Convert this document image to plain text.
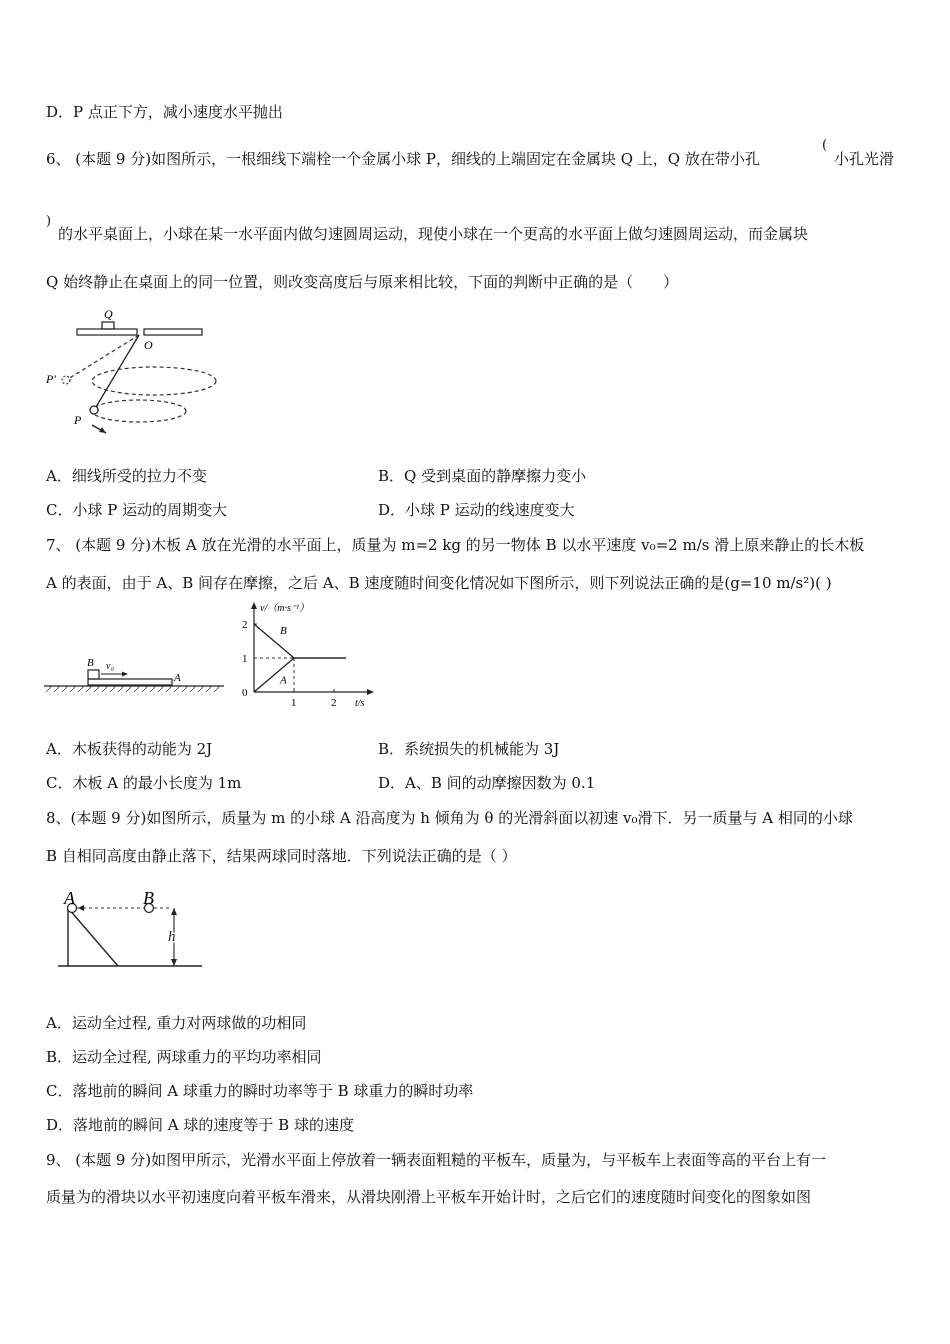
D．P 点正下方，减小速度水平抛出
6、 (本题 9 分)如图所示，一根细线下端栓一个金属小球 P，细线的上端固定在金属块 Q 上，Q 放在带小孔
(
小孔光滑
)
的水平桌面上，小球在某一水平面内做匀速圆周运动，现使小球在一个更高的水平面上做匀速圆周运动，而金属块
Q 始终静止在桌面上的同一位置，则改变高度后与原来相比较，下面的判断中正确的是（　　）
Q
O
P′
P
A．细线所受的拉力不变	B．Q 受到桌面的静摩擦力变小
C．小球 P 运动的周期变大	D．小球 P 运动的线速度变大
7、 (本题 9 分)木板 A 放在光滑的水平面上，质量为 m=2 kg 的另一物体 B 以水平速度 v₀=2 m/s 滑上原来静止的长木板
A 的表面，由于 A、B 间存在摩擦，之后 A、B 速度随时间变化情况如下图所示，则下列说法正确的是(g=10 m/s²)( )
B v₀
A
v/（m·s⁻¹）
t/s
0
1	2
2
1
B
A
A．木板获得的动能为 2J	B．系统损失的机械能为 3J
C．木板 A 的最小长度为 1m	D．A、B 间的动摩擦因数为 0.1
8、(本题 9 分)如图所示，质量为 m 的小球 A 沿高度为 h 倾角为 θ 的光滑斜面以初速 v₀滑下．另一质量与 A 相同的小球
B 自相同高度由静止落下，结果两球同时落地．下列说法正确的是（ ）
A	B
h
A．运动全过程, 重力对两球做的功相同
B．运动全过程, 两球重力的平均功率相同
C．落地前的瞬间 A 球重力的瞬时功率等于 B 球重力的瞬时功率
D．落地前的瞬间 A 球的速度等于 B 球的速度
9、 (本题 9 分)如图甲所示，光滑水平面上停放着一辆表面粗糙的平板车，质量为，与平板车上表面等高的平台上有一
质量为的滑块以水平初速度向着平板车滑来，从滑块刚滑上平板车开始计时，之后它们的速度随时间变化的图象如图
